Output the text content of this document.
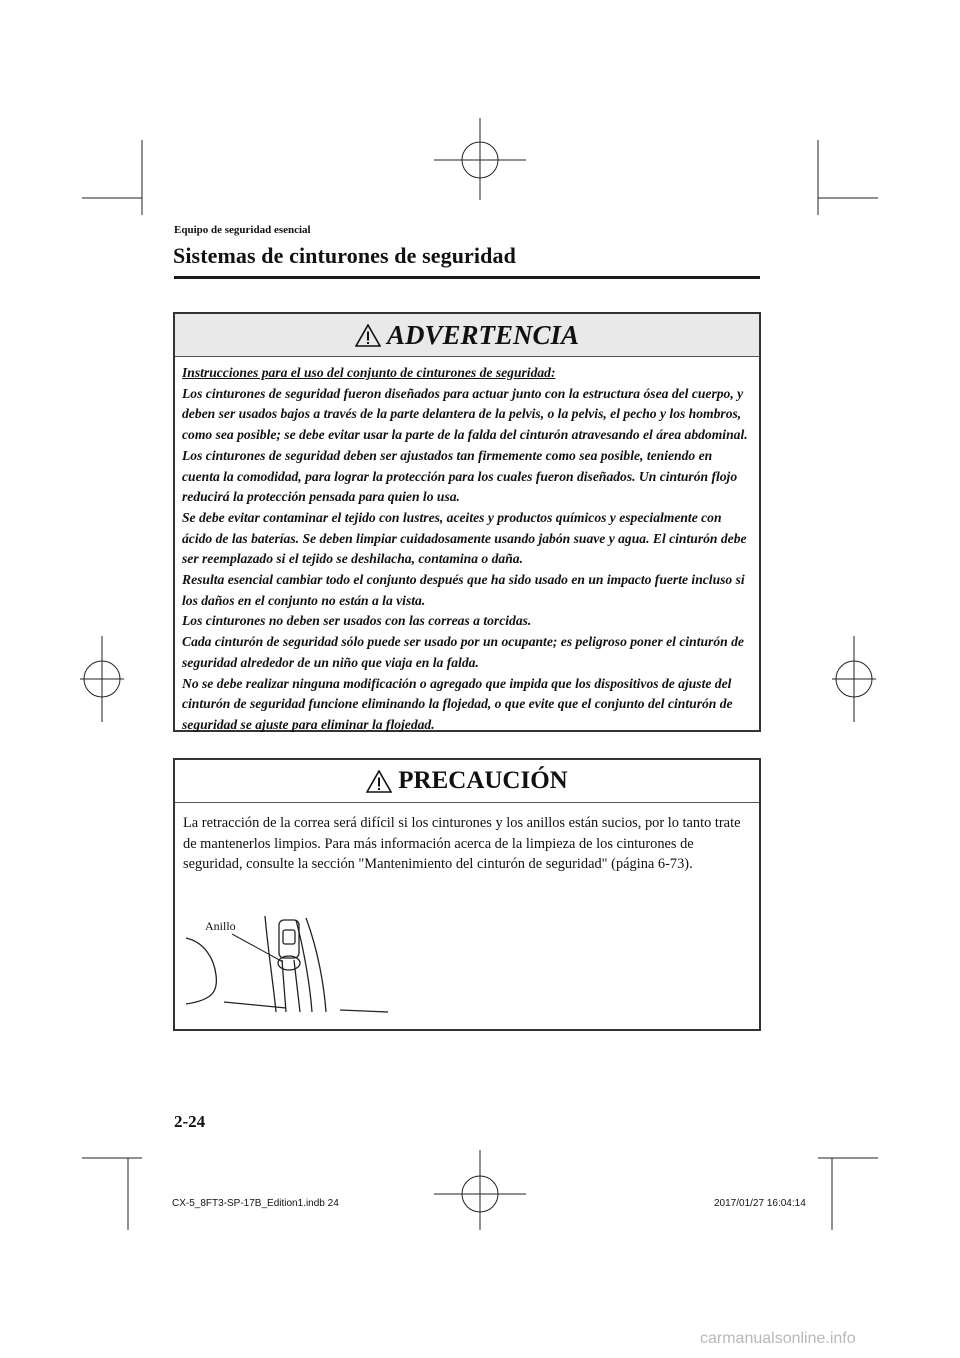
Equipo de seguridad esencial
Sistemas de cinturones de seguridad
ADVERTENCIA
Instrucciones para el uso del conjunto de cinturones de seguridad:

Los cinturones de seguridad fueron diseñados para actuar junto con la estructura ósea del cuerpo, y deben ser usados bajos a través de la parte delantera de la pelvis, o la pelvis, el pecho y los hombros, como sea posible; se debe evitar usar la parte de la falda del cinturón atravesando el área abdominal.

Los cinturones de seguridad deben ser ajustados tan firmemente como sea posible, teniendo en cuenta la comodidad, para lograr la protección para los cuales fueron diseñados. Un cinturón flojo reducirá la protección pensada para quien lo usa.

Se debe evitar contaminar el tejido con lustres, aceites y productos químicos y especialmente con ácido de las baterías. Se deben limpiar cuidadosamente usando jabón suave y agua. El cinturón debe ser reemplazado si el tejido se deshilacha, contamina o daña.

Resulta esencial cambiar todo el conjunto después que ha sido usado en un impacto fuerte incluso si los daños en el conjunto no están a la vista.

Los cinturones no deben ser usados con las correas a torcidas.

Cada cinturón de seguridad sólo puede ser usado por un ocupante; es peligroso poner el cinturón de seguridad alrededor de un niño que viaja en la falda.

No se debe realizar ninguna modificación o agregado que impida que los dispositivos de ajuste del cinturón de seguridad funcione eliminando la flojedad, o que evite que el conjunto del cinturón de seguridad se ajuste para eliminar la flojedad.

PRECAUCIÓN

La retracción de la correa será difícil si los cinturones y los anillos están sucios, por lo tanto trate de mantenerlos limpios. Para más información acerca de la limpieza de los cinturones de seguridad, consulte la sección "Mantenimiento del cinturón de seguridad" (página 6-73).

Anillo
2-24
CX-5_8FT3-SP-17B_Edition1.indb 24	2017/01/27 16:04:14
carmanualsonline.info
